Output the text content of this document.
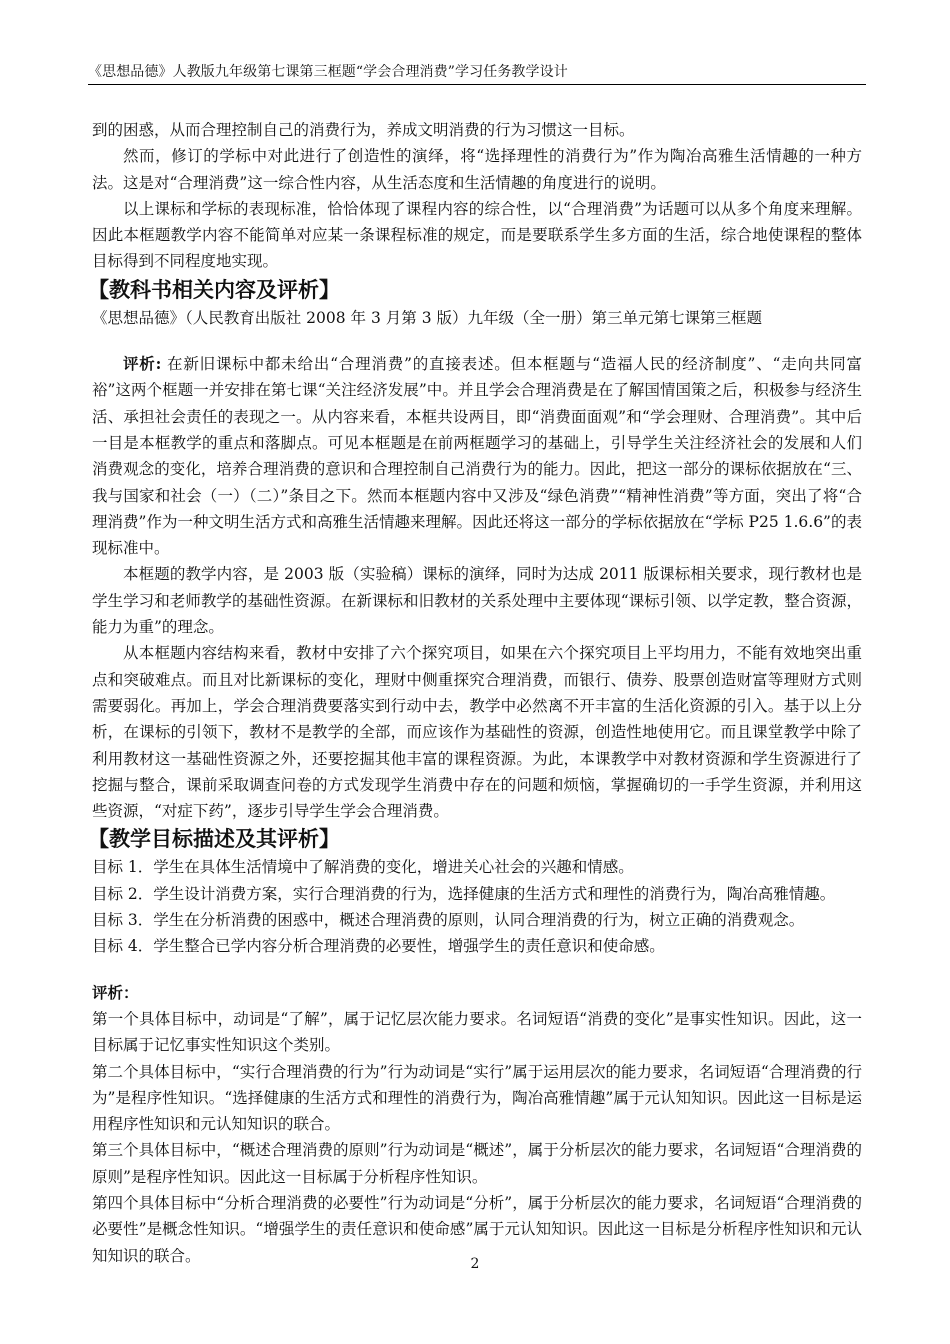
《思想品德》人教版九年级第七课第三框题“学会合理消费”学习任务教学设计

到的困惑，从而合理控制自己的消费行为，养成文明消费的行为习惯这一目标。

然而，修订的学标中对此进行了创造性的演绎，将“选择理性的消费行为”作为陶冶高雅生活情趣的一种方法。这是对“合理消费”这一综合性内容，从生活态度和生活情趣的角度进行的说明。

以上课标和学标的表现标准，恰恰体现了课程内容的综合性，以“合理消费”为话题可以从多个角度来理解。因此本框题教学内容不能简单对应某一条课程标准的规定，而是要联系学生多方面的生活，综合地使课程的整体目标得到不同程度地实现。

【教科书相关内容及评析】

《思想品德》（人民教育出版社 2008 年 3 月第 3 版）九年级（全一册）第三单元第七课第三框题

评析: 在新旧课标中都未给出“合理消费”的直接表述。但本框题与“造福人民的经济制度”、“走向共同富裕”这两个框题一并安排在第七课“关注经济发展”中。并且学会合理消费是在了解国情国策之后，积极参与经济生活、承担社会责任的表现之一。从内容来看，本框共设两目，即“消费面面观”和“学会理财、合理消费”。其中后一目是本框教学的重点和落脚点。可见本框题是在前两框题学习的基础上，引导学生关注经济社会的发展和人们消费观念的变化，培养合理消费的意识和合理控制自己消费行为的能力。因此，把这一部分的课标依据放在“三、我与国家和社会（一）（二）”条目之下。然而本框题内容中又涉及“绿色消费”“精神性消费”等方面，突出了将“合理消费”作为一种文明生活方式和高雅生活情趣来理解。因此还将这一部分的学标依据放在“学标 P25 1.6.6”的表现标准中。

本框题的教学内容，是 2003 版（实验稿）课标的演绎，同时为达成 2011 版课标相关要求，现行教材也是学生学习和老师教学的基础性资源。在新课标和旧教材的关系处理中主要体现“课标引领、以学定教，整合资源，能力为重”的理念。

从本框题内容结构来看，教材中安排了六个探究项目，如果在六个探究项目上平均用力，不能有效地突出重点和突破难点。而且对比新课标的变化，理财中侧重探究合理消费，而银行、债券、股票创造财富等理财方式则需要弱化。再加上，学会合理消费要落实到行动中去，教学中必然离不开丰富的生活化资源的引入。基于以上分析，在课标的引领下，教材不是教学的全部，而应该作为基础性的资源，创造性地使用它。而且课堂教学中除了利用教材这一基础性资源之外，还要挖掘其他丰富的课程资源。为此，本课教学中对教材资源和学生资源进行了挖掘与整合，课前采取调查问卷的方式发现学生消费中存在的问题和烦恼，掌握确切的一手学生资源，并利用这些资源，“对症下药”，逐步引导学生学会合理消费。

【教学目标描述及其评析】

目标 1．学生在具体生活情境中了解消费的变化，增进关心社会的兴趣和情感。

目标 2．学生设计消费方案，实行合理消费的行为，选择健康的生活方式和理性的消费行为，陶冶高雅情趣。

目标 3．学生在分析消费的困惑中，概述合理消费的原则，认同合理消费的行为，树立正确的消费观念。

目标 4．学生整合已学内容分析合理消费的必要性，增强学生的责任意识和使命感。

评析：

第一个具体目标中，动词是“了解”，属于记忆层次能力要求。名词短语“消费的变化”是事实性知识。因此，这一目标属于记忆事实性知识这个类别。

第二个具体目标中，“实行合理消费的行为”行为动词是“实行”属于运用层次的能力要求，名词短语“合理消费的行为”是程序性知识。“选择健康的生活方式和理性的消费行为，陶冶高雅情趣”属于元认知知识。因此这一目标是运用程序性知识和元认知知识的联合。

第三个具体目标中，“概述合理消费的原则”行为动词是“概述”，属于分析层次的能力要求，名词短语“合理消费的原则”是程序性知识。因此这一目标属于分析程序性知识。

第四个具体目标中“分析合理消费的必要性”行为动词是“分析”，属于分析层次的能力要求，名词短语“合理消费的必要性”是概念性知识。“增强学生的责任意识和使命感”属于元认知知识。因此这一目标是分析程序性知识和元认知知识的联合。	2
